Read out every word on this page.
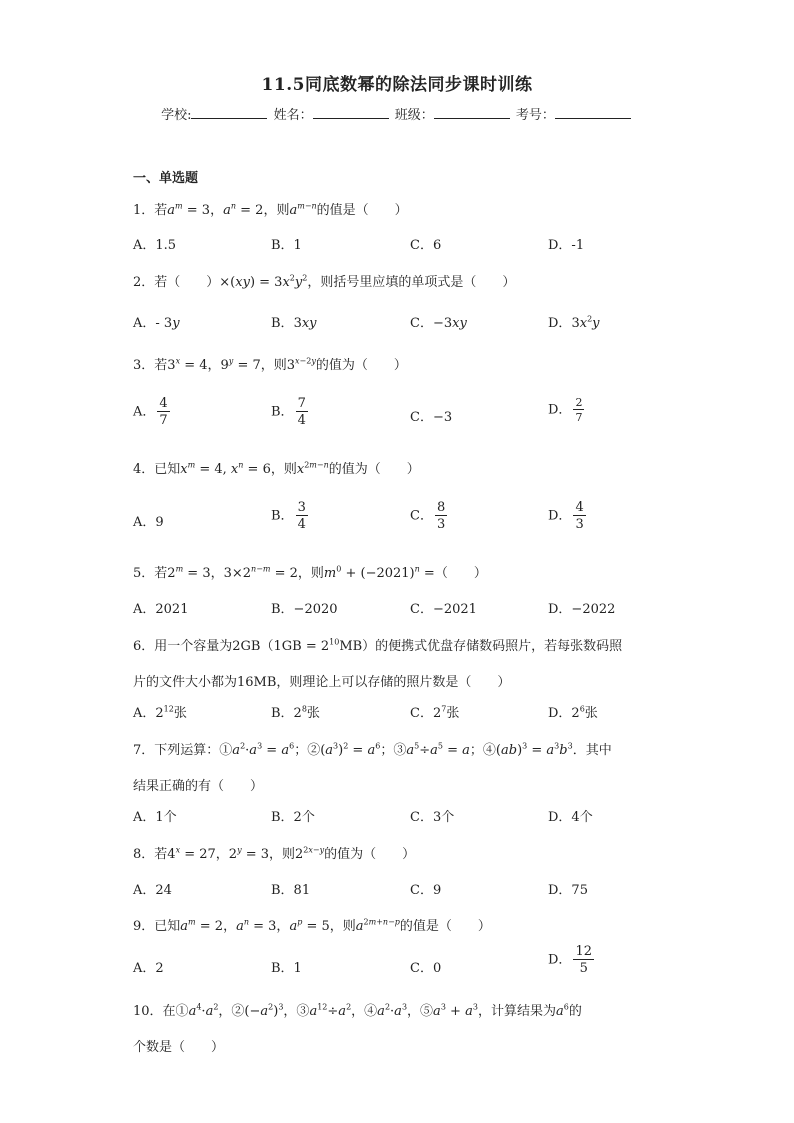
11.5同底数幂的除法同步课时训练
学校:	姓名：	班级：	考号：
一、单选题
1．若$a^m = 3$，$a^n = 2$，则$a^{m-n}$的值是（　　）
A．1.5	B．1	C．6	D．-1
2．若（　　）$\times(xy) = 3x^2y^2$，则括号里应填的单项式是（　　）
A．- 3y	B．3xy	C．−3xy	D．$3x^2y$
3．若$3^x = 4$，$9^y = 7$，则$3^{x-2y}$的值为（　　）
A． $\frac{4}{7}$	B． $\frac{7}{4}$	C．−3	D． $\frac{2}{7}$
4．已知$x^m = 4$, $x^n = 6$，则$x^{2m-n}$的值为（　　）
A．9	B． $\frac{3}{4}$	C． $\frac{8}{3}$	D． $\frac{4}{3}$
5．若$2^m = 3$，$3\times 2^{n-m} = 2$，则$m^0 + (-2021)^n$ =（　　）
A．2021	B．−2020	C．−2021	D．−2022
6．用一个容量为$2GB(1GB = 2^{10}MB)$的便携式优盘存储数码照片，若每张数码照
片的文件大小都为16MB，则理论上可以存储的照片数是（　　）
A．$2^{12}$张	B．$2^8$张	C．$2^7$张	D．$2^6$张
7．下列运算：$①a^2\cdot a^3 = a^6$；$②(a^3)^2 = a^6$；$③a^5\div a^5 = a$；④(ab)$^3$ = $a^3b^3$．其中
结果正确的有（　　）
A．1个	B．2个	C．3个	D．4个
8．若$4^x = 27$，$2^y = 3$，则$2^{2x-y}$的值为（　　）
A．24	B．81	C．9	D．75
9．已知$a^m = 2$，$a^n = 3$，$a^p = 5$，则$a^{2m+n-p}$的值是（　　）
A．2	B．1	C．0
D． $\frac{12}{5}$
10．在$①a^4\cdot a^2$，$②(-a^2)^3$，$③a^{12}\div a^2$，$④a^2\cdot a^3$，$⑤a^3 + a^3$，计算结果为$a^6$的
个数是（　　）
